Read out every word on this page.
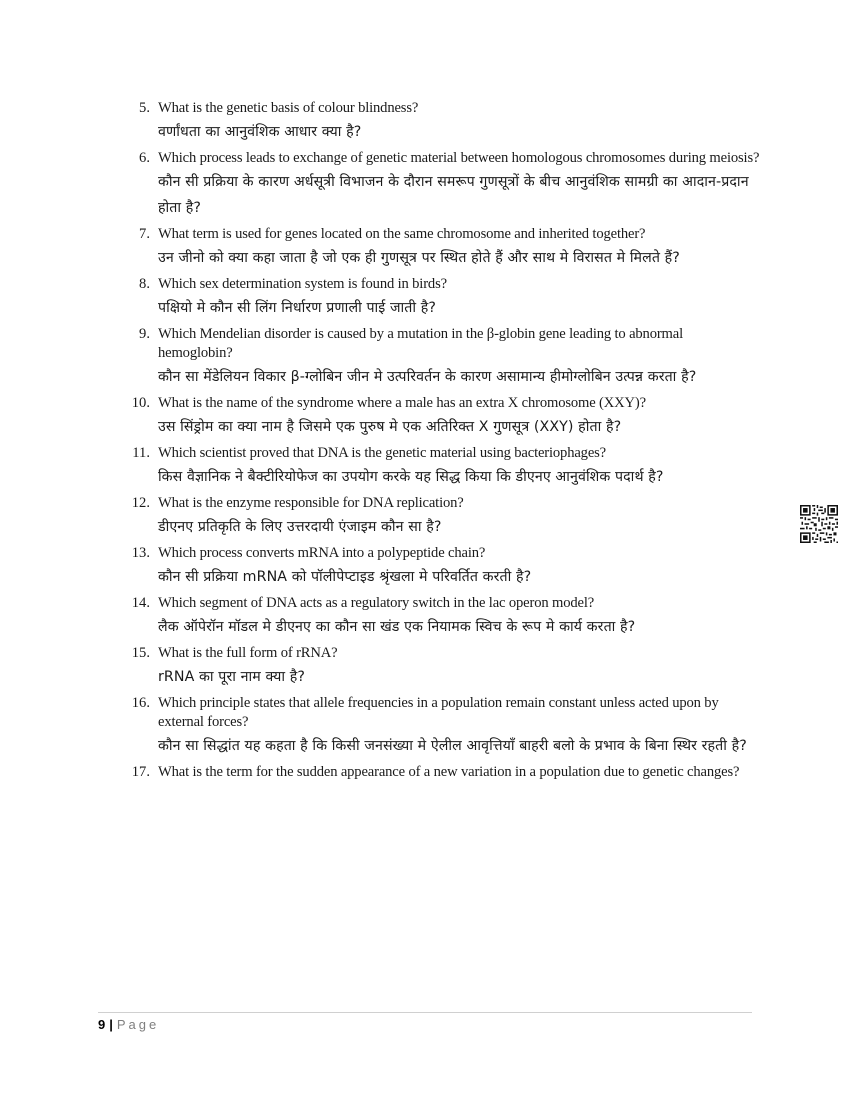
5. What is the genetic basis of colour blindness?
वर्णांधता का आनुवंशिक आधार क्या है?
6. Which process leads to exchange of genetic material between homologous chromosomes during meiosis?
कौन सी प्रक्रिया के कारण अर्धसूत्री विभाजन के दौरान समरूप गुणसूत्रों के बीच आनुवंशिक सामग्री का आदान-प्रदान होता है?
7. What term is used for genes located on the same chromosome and inherited together?
उन जीनो को क्या कहा जाता है जो एक ही गुणसूत्र पर स्थित होते हैं और साथ मे विरासत मे मिलते हैं?
8. Which sex determination system is found in birds?
पक्षियो मे कौन सी लिंग निर्धारण प्रणाली पाई जाती है?
9. Which Mendelian disorder is caused by a mutation in the β-globin gene leading to abnormal hemoglobin?
कौन सा मेंडेलियन विकार β-ग्लोबिन जीन मे उत्परिवर्तन के कारण असामान्य हीमोग्लोबिन उत्पन्न करता है?
10. What is the name of the syndrome where a male has an extra X chromosome (XXY)?
उस सिंड्रोम का क्या नाम है जिसमे एक पुरुष मे एक अतिरिक्त X गुणसूत्र (XXY) होता है?
11. Which scientist proved that DNA is the genetic material using bacteriophages?
किस वैज्ञानिक ने बैक्टीरियोफेज का उपयोग करके यह सिद्ध किया कि डीएनए आनुवंशिक पदार्थ है?
12. What is the enzyme responsible for DNA replication?
डीएनए प्रतिकृति के लिए उत्तरदायी एंजाइम कौन सा है?
13. Which process converts mRNA into a polypeptide chain?
कौन सी प्रक्रिया mRNA को पॉलीपेप्टाइड श्रृंखला मे परिवर्तित करती है?
14. Which segment of DNA acts as a regulatory switch in the lac operon model?
लैक ऑपेरॉन मॉडल मे डीएनए का कौन सा खंड एक नियामक स्विच के रूप मे कार्य करता है?
15. What is the full form of rRNA?
rRNA का पूरा नाम क्या है?
16. Which principle states that allele frequencies in a population remain constant unless acted upon by external forces?
कौन सा सिद्धांत यह कहता है कि किसी जनसंख्या मे ऐलील आवृत्तियाँ बाहरी बलो के प्रभाव के बिना स्थिर रहती है?
17. What is the term for the sudden appearance of a new variation in a population due to genetic changes?
9 | Page
